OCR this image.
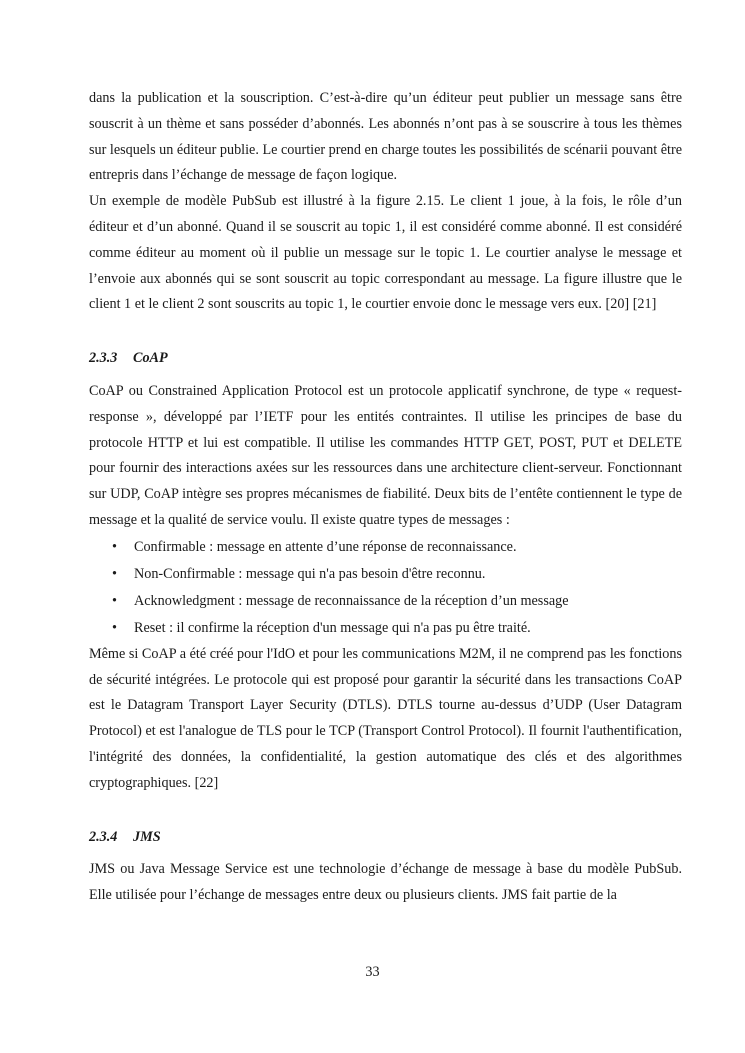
dans la publication et la souscription. C’est-à-dire qu’un éditeur peut publier un message sans être souscrit à un thème et sans posséder d’abonnés. Les abonnés n’ont pas à se souscrire à tous les thèmes sur lesquels un éditeur publie. Le courtier prend en charge toutes les possibilités de scénarii pouvant être entrepris dans l’échange de message de façon logique.

Un exemple de modèle PubSub est illustré à la figure 2.15. Le client 1 joue, à la fois, le rôle d’un éditeur et d’un abonné. Quand il se souscrit au topic 1, il est considéré comme abonné. Il est considéré comme éditeur au moment où il publie un message sur le topic 1. Le courtier analyse le message et l’envoie aux abonnés qui se sont souscrit au topic correspondant au message. La figure illustre que le client 1 et le client 2 sont souscrits au topic 1, le courtier envoie donc le message vers eux. [20] [21]

2.3.3 CoAP

CoAP ou Constrained Application Protocol est un protocole applicatif synchrone, de type « request-response », développé par l’IETF pour les entités contraintes. Il utilise les principes de base du protocole HTTP et lui est compatible. Il utilise les commandes HTTP GET, POST, PUT et DELETE pour fournir des interactions axées sur les ressources dans une architecture client-serveur. Fonctionnant sur UDP, CoAP intègre ses propres mécanismes de fiabilité. Deux bits de l’entête contiennent le type de message et la qualité de service voulu. Il existe quatre types de messages :

• Confirmable : message en attente d’une réponse de reconnaissance.
• Non-Confirmable : message qui n'a pas besoin d'être reconnu.
• Acknowledgment : message de reconnaissance de la réception d’un message
• Reset : il confirme la réception d'un message qui n'a pas pu être traité.

Même si CoAP a été créé pour l'IdO et pour les communications M2M, il ne comprend pas les fonctions de sécurité intégrées. Le protocole qui est proposé pour garantir la sécurité dans les transactions CoAP est le Datagram Transport Layer Security (DTLS). DTLS tourne au-dessus d’UDP (User Datagram Protocol) et est l'analogue de TLS pour le TCP (Transport Control Protocol). Il fournit l'authentification, l'intégrité des données, la confidentialité, la gestion automatique des clés et des algorithmes cryptographiques. [22]

2.3.4 JMS

JMS ou Java Message Service est une technologie d’échange de message à base du modèle PubSub. Elle utilisée pour l’échange de messages entre deux ou plusieurs clients. JMS fait partie de la

33
